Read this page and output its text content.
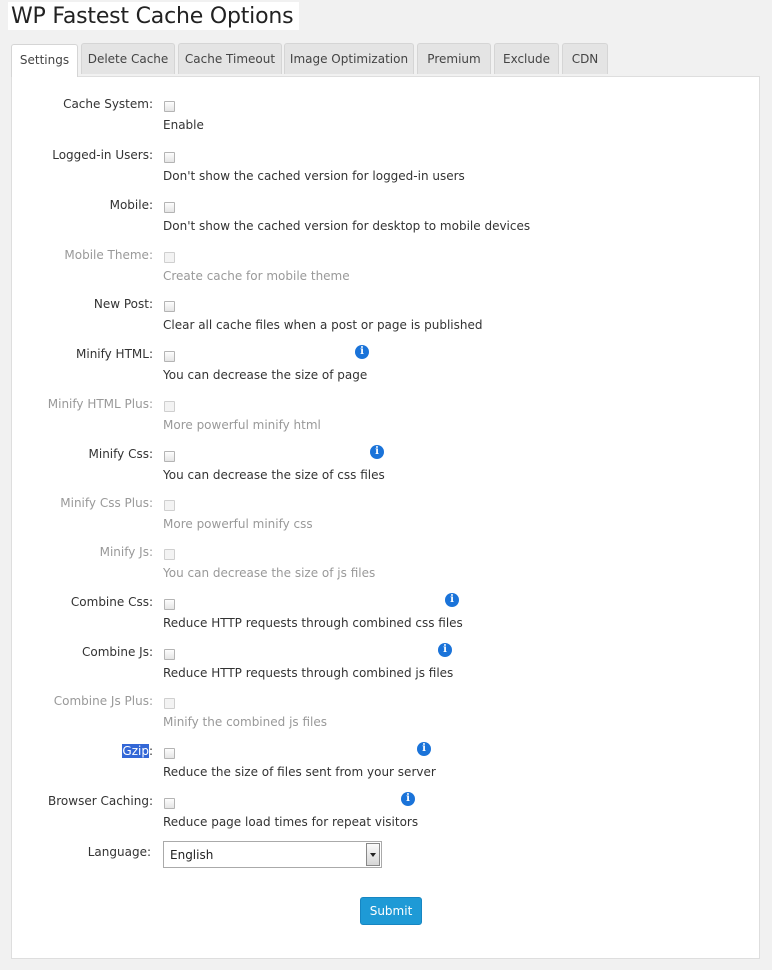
WP Fastest Cache Options
Settings	Delete Cache	Cache Timeout	Image Optimization	Premium	Exclude	CDN
Cache System:
Enable
Logged-in Users:
Don't show the cached version for logged-in users
Mobile:
Don't show the cached version for desktop to mobile devices
Mobile Theme:
Create cache for mobile theme
New Post:
Clear all cache files when a post or page is published
Minify HTML:	i
You can decrease the size of page
Minify HTML Plus:
More powerful minify html
Minify Css:	i
You can decrease the size of css files
Minify Css Plus:
More powerful minify css
Minify Js:
You can decrease the size of js files
Combine Css:	i
Reduce HTTP requests through combined css files
Combine Js:	i
Reduce HTTP requests through combined js files
Combine Js Plus:
Minify the combined js files
Gzip:	i
Reduce the size of files sent from your server
Browser Caching:	i
Reduce page load times for repeat visitors
Language: English
Submit
